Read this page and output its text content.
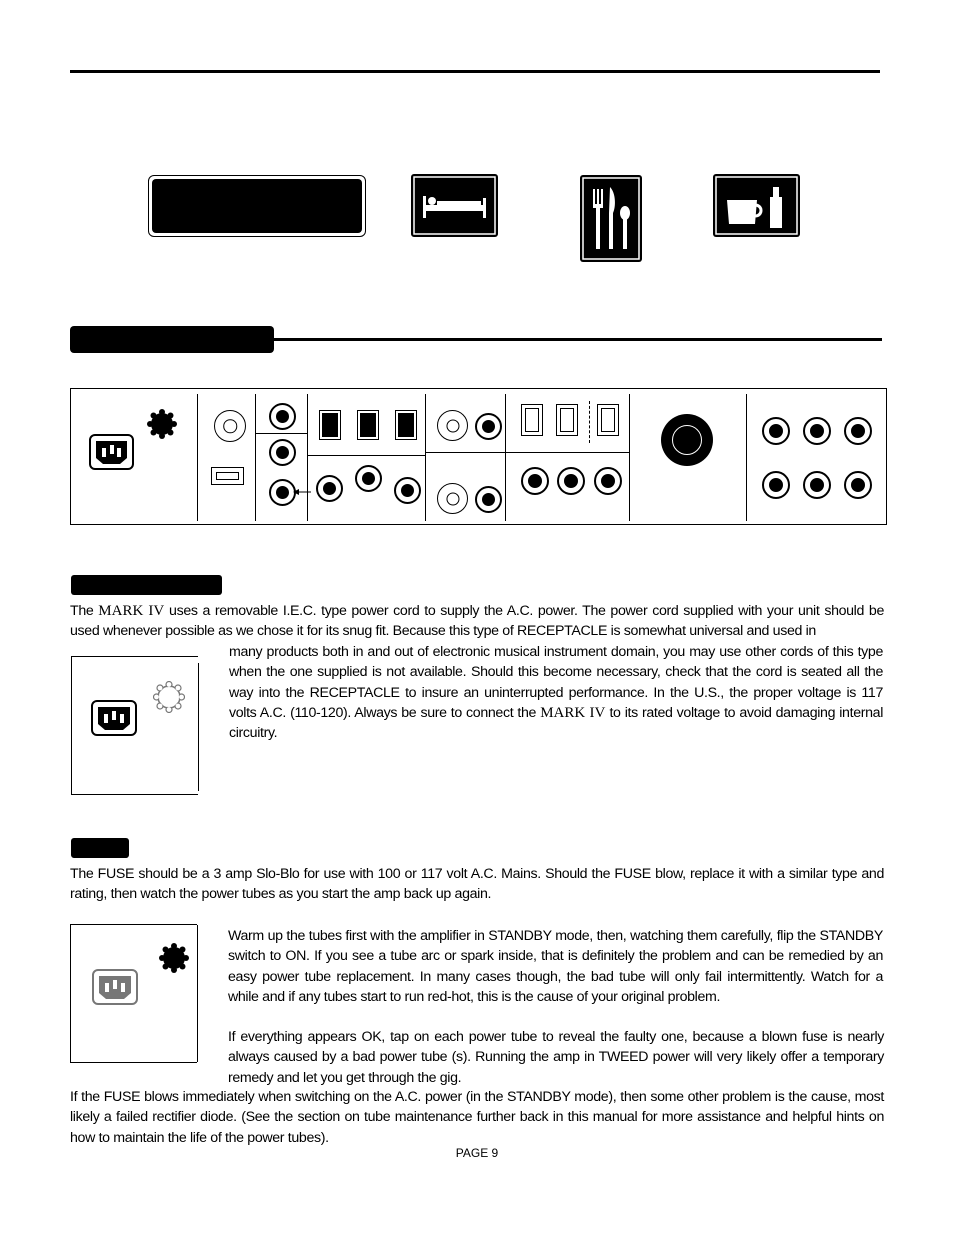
The MARK IV uses a removable I.E.C. type power cord to supply the A.C. power. The power cord supplied with your unit should be used whenever possible as we chose it for its snug fit. Because this type of RECEPTACLE is somewhat universal and used in
many products both in and out of electronic musical instrument domain, you may use other cords of this type when the one supplied is not available. Should this become necessary, check that the cord is seated all the way into the RECEPTACLE to insure an uninterrupted performance. In the U.S., the proper voltage is 117 volts A.C. (110-120). Always be sure to connect the MARK IV to its rated voltage to avoid damaging internal circuitry.
The FUSE should be a 3 amp Slo-Blo for use with 100 or 117 volt A.C. Mains. Should the FUSE blow, replace it with a similar type and rating, then watch the power tubes as you start the amp back up again.
Warm up the tubes first with the amplifier in STANDBY mode, then, watching them carefully, flip the STANDBY switch to ON. If you see a tube arc or spark inside, that is definitely the problem and can be remedied by an easy power tube replacement. In many cases though, the bad tube will only fail intermittently. Watch for a while and if any tubes start to run red-hot, this is the cause of your original problem.
If everything appears OK, tap on each power tube to reveal the faulty one, because a blown fuse is nearly always caused by a bad power tube (s). Running the amp in TWEED power will very likely offer a temporary remedy and let you get through the gig.
If the FUSE blows immediately when switching on the A.C. power (in the STANDBY mode), then some other problem is the cause, most likely a failed rectifier diode. (See the section on tube maintenance further back in this manual for more assistance and helpful hints on how to maintain the life of the power tubes).
PAGE 9
